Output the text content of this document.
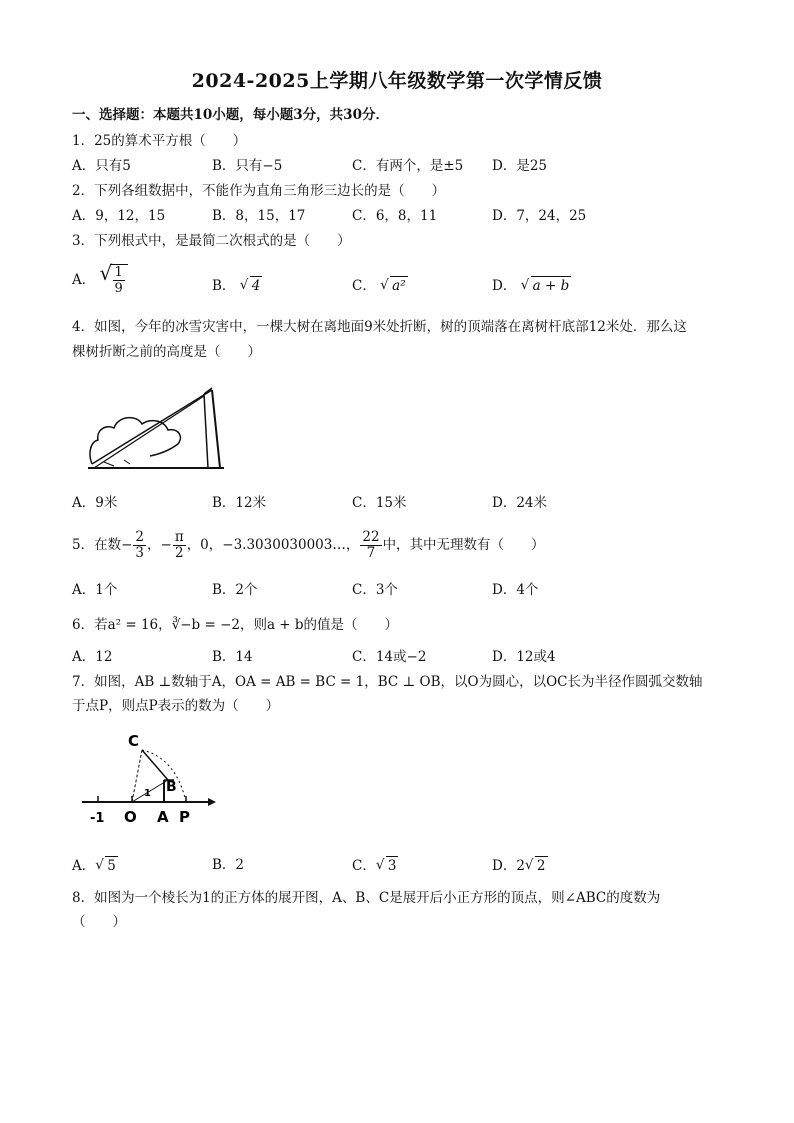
2024-2025上学期八年级数学第一次学情反馈
一、选择题：本题共10小题，每小题3分，共30分．
1．25的算术平方根（　　）
A．只有5	B．只有−5	C．有两个，是±5 D．是25
2．下列各组数据中，不能作为直角三角形三边长的是（　　）
A．9，12，15	B．8，15，17	C．6，8，11	D．7，24，25
3．下列根式中，是最简二次根式的是（　　）
A． √ $\frac{1}{9}$	B． √ 4	C． √ a²	D． √ a + b
4．如图，今年的冰雪灾害中，一棵大树在离地面9米处折断，树的顶端落在离树杆底部12米处．那么这
棵树折断之前的高度是（　　）
A．9米	B．12米	C．15米	D．24米
5．在数− $\frac{2}{3}$ ，− $\frac{\pi}{2}$ ，0，−3.3030030003…， $\frac{22}{7}$ 中，其中无理数有（　　）
A．1个	B．2个	C．3个	D．4个
6．若a² = 16，∛−b = −2，则a + b的值是（　　）
A．12	B．14	C．14或−2	D．12或4
7．如图，AB ⊥数轴于A，OA = AB = BC = 1，BC ⊥ OB，以O为圆心，以OC长为半径作圆弧交数轴
于点P，则点P表示的数为（　　）
C
B
1
-1 O A P
A． √ 5	B．2	C． √ 3	D．2 √ 2
8．如图为一个棱长为1的正方体的展开图，A、B、C是展开后小正方形的顶点，则∠ABC的度数为
（　　）
